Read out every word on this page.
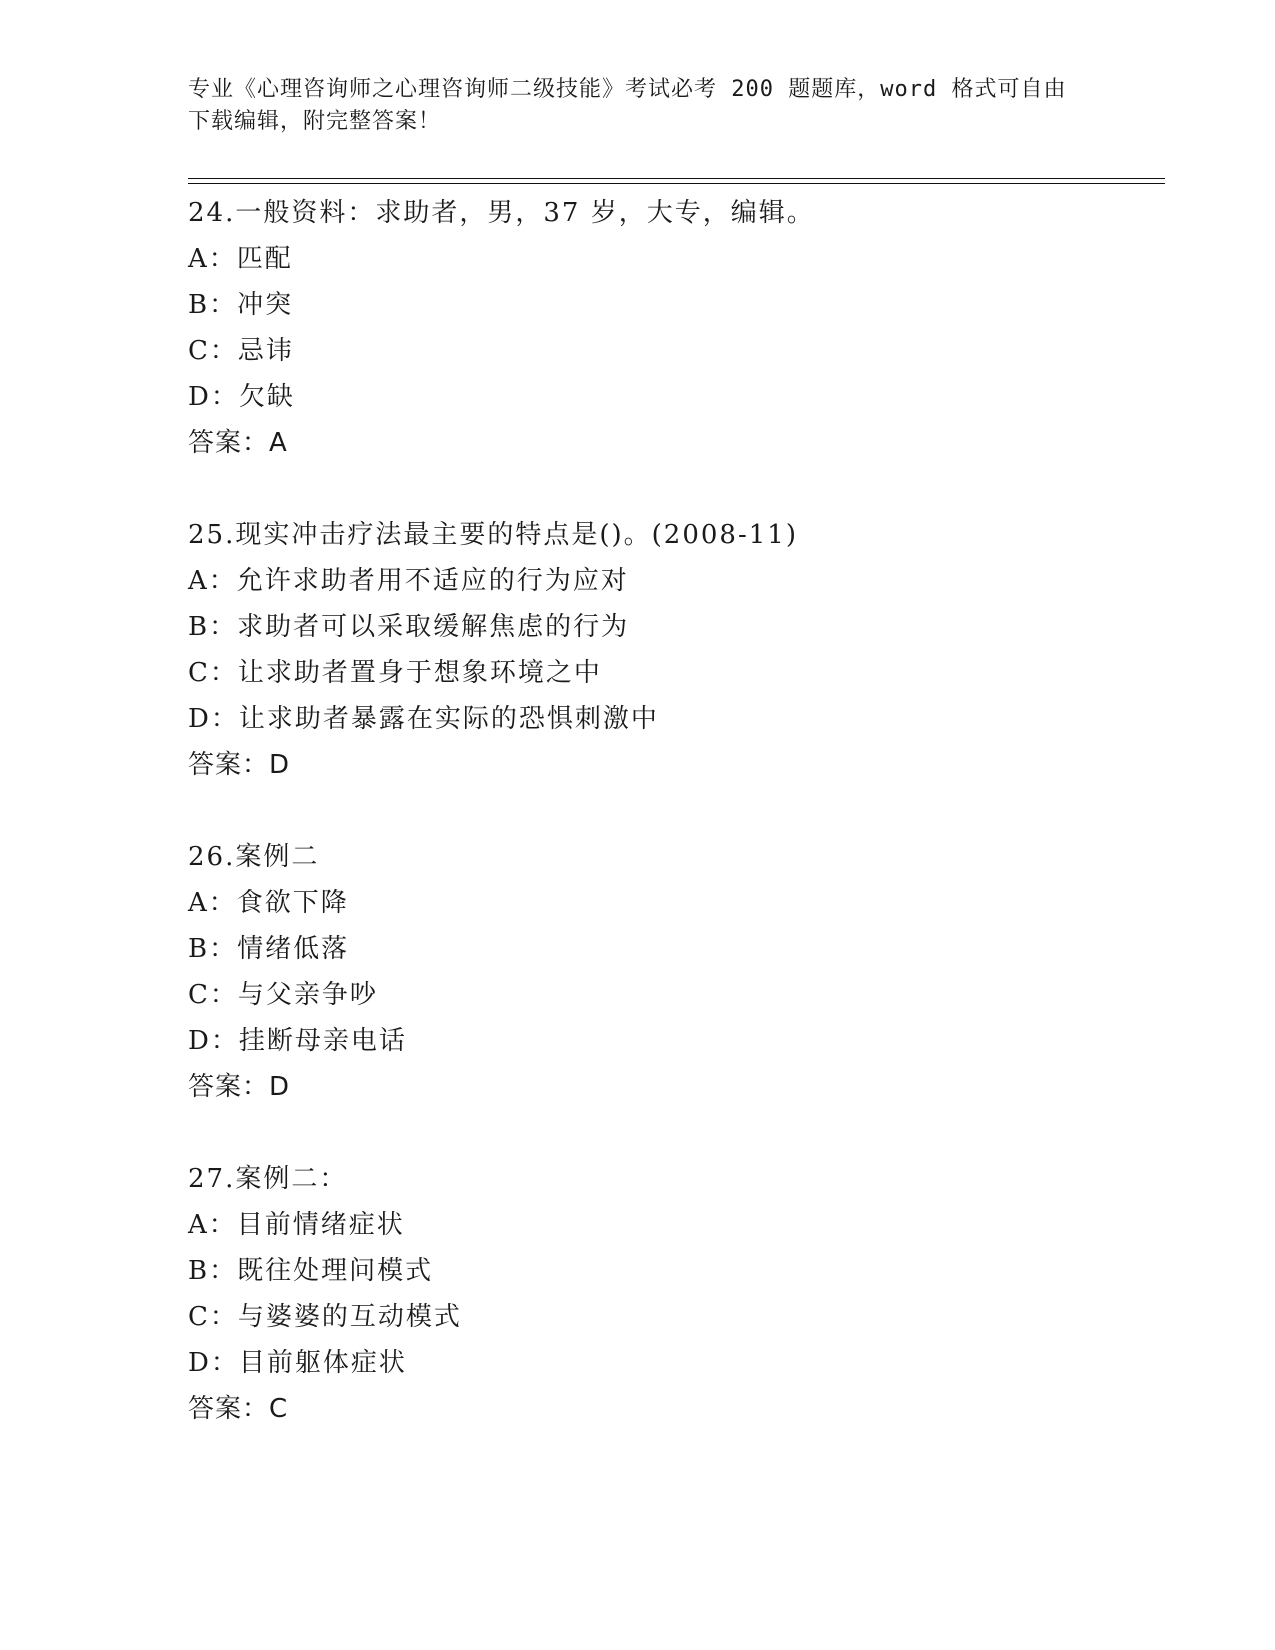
专业《心理咨询师之心理咨询师二级技能》考试必考 200 题题库，word 格式可自由下载编辑，附完整答案！
24.一般资料：求助者，男，37 岁，大专，编辑。
A：匹配
B：冲突
C：忌讳
D：欠缺
答案：A
25.现实冲击疗法最主要的特点是()。(2008-11)
A：允许求助者用不适应的行为应对
B：求助者可以采取缓解焦虑的行为
C：让求助者置身于想象环境之中
D：让求助者暴露在实际的恐惧刺激中
答案：D
26.案例二
A：食欲下降
B：情绪低落
C：与父亲争吵
D：挂断母亲电话
答案：D
27.案例二：
A：目前情绪症状
B：既往处理问模式
C：与婆婆的互动模式
D：目前躯体症状
答案：C
